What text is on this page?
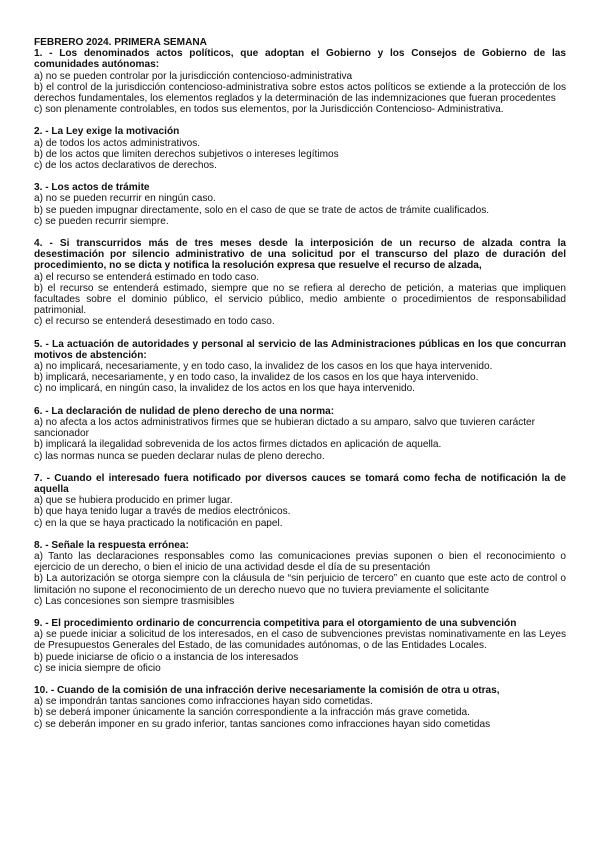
FEBRERO 2024. PRIMERA SEMANA
1. - Los denominados actos políticos, que adoptan el Gobierno y los Consejos de Gobierno de las comunidades autónomas:
a) no se pueden controlar por la jurisdicción contencioso-administrativa
b) el control de la jurisdicción contencioso-administrativa sobre estos actos políticos se extiende a la protección de los derechos fundamentales, los elementos reglados y la determinación de las indemnizaciones que fueran procedentes
c) son plenamente controlables, en todos sus elementos, por la Jurisdicción Contencioso- Administrativa.
2. - La Ley exige la motivación
a) de todos los actos administrativos.
b) de los actos que limiten derechos subjetivos o intereses legítimos
c) de los actos declarativos de derechos.
3. - Los actos de trámite
a) no se pueden recurrir en ningún caso.
b) se pueden impugnar directamente, solo en el caso de que se trate de actos de trámite cualificados.
c) se pueden recurrir siempre.
4. - Si transcurridos más de tres meses desde la interposición de un recurso de alzada contra la desestimación por silencio administrativo de una solicitud por el transcurso del plazo de duración del procedimiento, no se dicta y notifica la resolución expresa que resuelve el recurso de alzada,
a) el recurso se entenderá estimado en todo caso.
b) el recurso se entenderá estimado, siempre que no se refiera al derecho de petición, a materias que impliquen facultades sobre el dominio público, el servicio público, medio ambiente o procedimientos de responsabilidad patrimonial.
c) el recurso se entenderá desestimado en todo caso.
5. - La actuación de autoridades y personal al servicio de las Administraciones públicas en los que concurran motivos de abstención:
a) no implicará, necesariamente, y en todo caso, la invalidez de los casos en los que haya intervenido.
b) implicará, necesariamente, y en todo caso, la invalidez de los casos en los que haya intervenido.
c) no implicará, en ningún caso, la invalidez de los actos en los que haya intervenido.
6. - La declaración de nulidad de pleno derecho de una norma:
a) no afecta a los actos administrativos firmes que se hubieran dictado a su amparo, salvo que tuvieren carácter sancionador
b) implicará la ilegalidad sobrevenida de los actos firmes dictados en aplicación de aquella.
c) las normas nunca se pueden declarar nulas de pleno derecho.
7. - Cuando el interesado fuera notificado por diversos cauces se tomará como fecha de notificación la de aquella
a) que se hubiera producido en primer lugar.
b) que haya tenido lugar a través de medios electrónicos.
c) en la que se haya practicado la notificación en papel.
8. - Señale la respuesta errónea:
a) Tanto las declaraciones responsables como las comunicaciones previas suponen o bien el reconocimiento o ejercicio de un derecho, o bien el inicio de una actividad desde el día de su presentación
b) La autorización se otorga siempre con la cláusula de “sin perjuicio de tercero” en cuanto que este acto de control o limitación no supone el reconocimiento de un derecho nuevo que no tuviera previamente el solicitante
c) Las concesiones son siempre trasmisibles
9. - El procedimiento ordinario de concurrencia competitiva para el otorgamiento de una subvención
a) se puede iniciar a solicitud de los interesados, en el caso de subvenciones previstas nominativamente en las Leyes de Presupuestos Generales del Estado, de las comunidades autónomas, o de las Entidades Locales.
b) puede iniciarse de oficio o a instancia de los interesados
c) se inicia siempre de oficio
10. - Cuando de la comisión de una infracción derive necesariamente la comisión de otra u otras,
a) se impondrán tantas sanciones como infracciones hayan sido cometidas.
b) se deberá imponer únicamente la sanción correspondiente a la infracción más grave cometida.
c) se deberán imponer en su grado inferior, tantas sanciones como infracciones hayan sido cometidas
